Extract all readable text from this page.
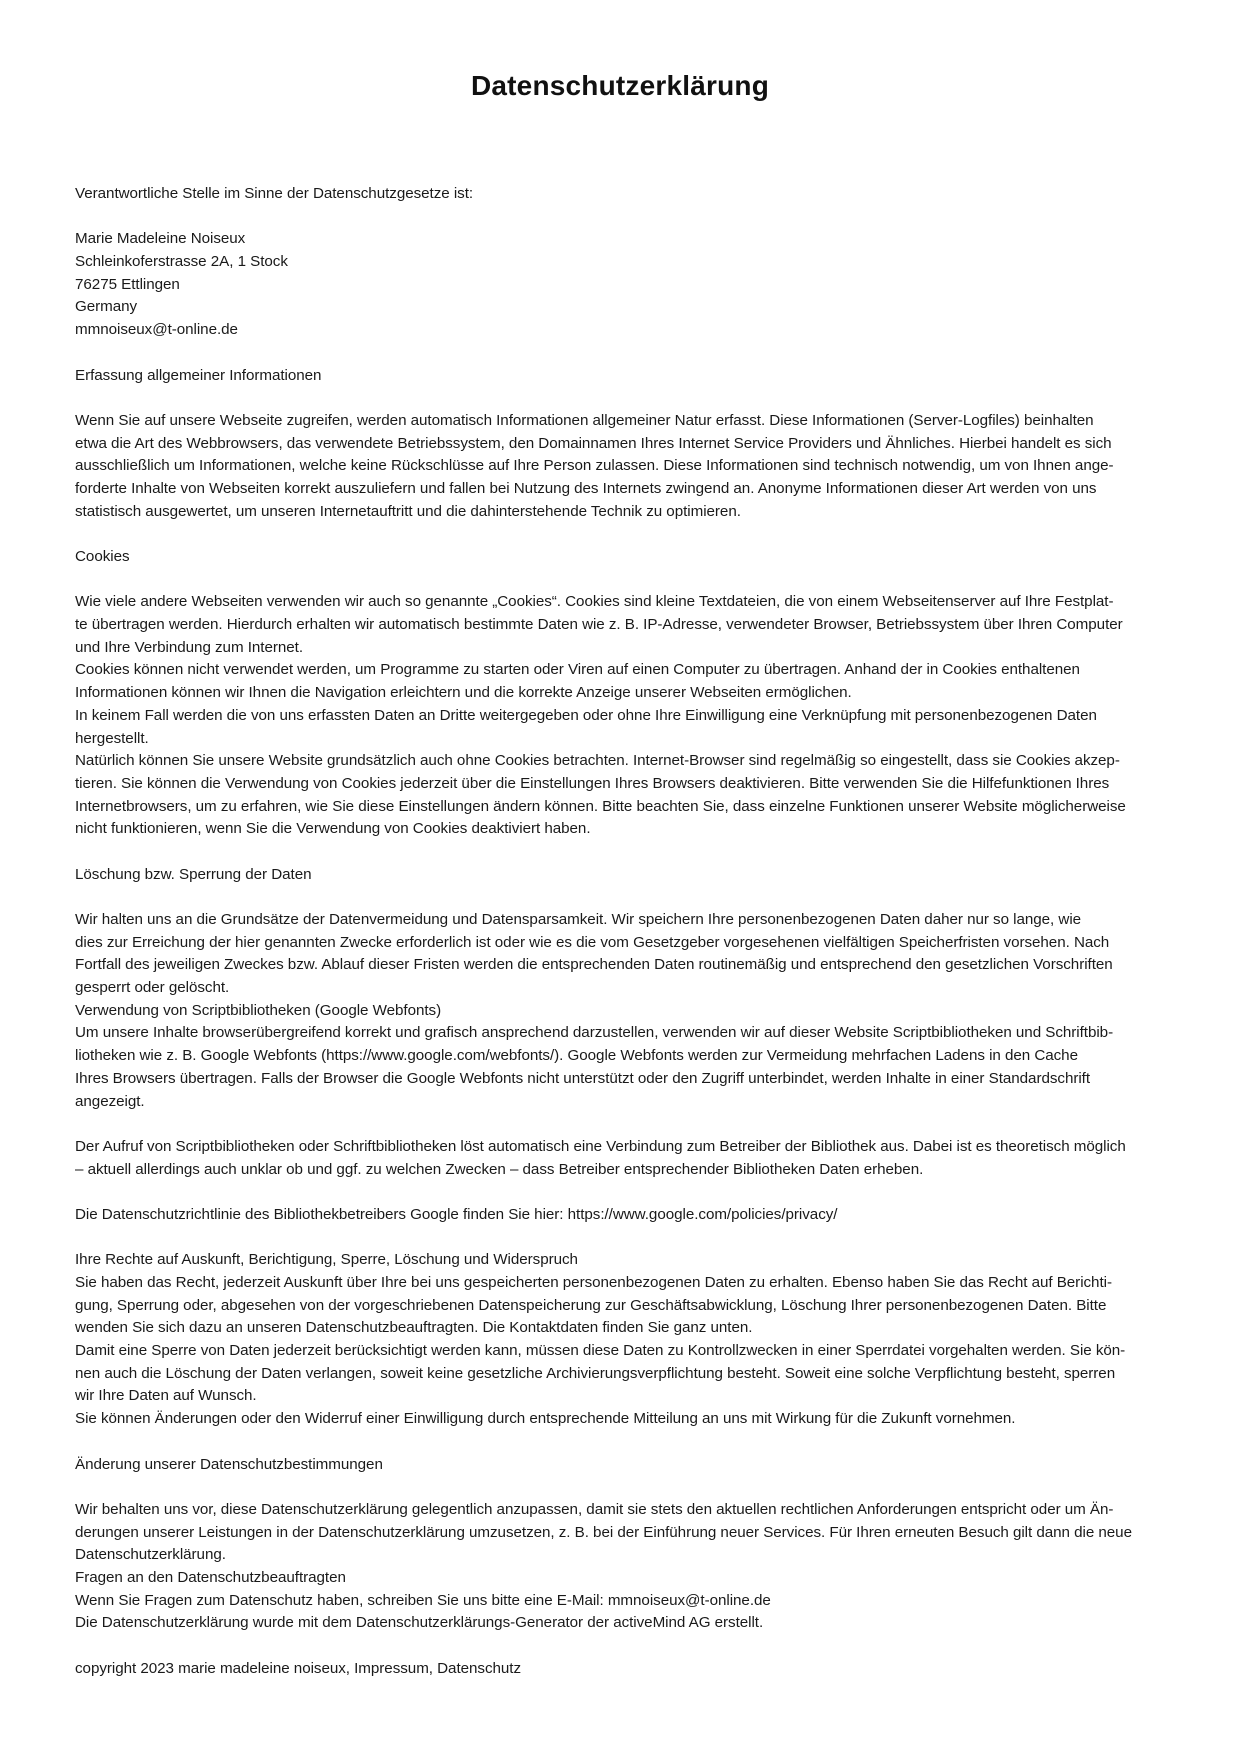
Datenschutzerklärung
Verantwortliche Stelle im Sinne der Datenschutzgesetze ist:
Marie Madeleine Noiseux
Schleinkoferstrasse 2A, 1 Stock
76275 Ettlingen
Germany
mmnoiseux@t-online.de
Erfassung allgemeiner Informationen
Wenn Sie auf unsere Webseite zugreifen, werden automatisch Informationen allgemeiner Natur erfasst. Diese Informationen (Server-Logfiles) beinhalten
etwa die Art des Webbrowsers, das verwendete Betriebssystem, den Domainnamen Ihres Internet Service Providers und Ähnliches. Hierbei handelt es sich
ausschließlich um Informationen, welche keine Rückschlüsse auf Ihre Person zulassen. Diese Informationen sind technisch notwendig, um von Ihnen ange-
forderte Inhalte von Webseiten korrekt auszuliefern und fallen bei Nutzung des Internets zwingend an. Anonyme Informationen dieser Art werden von uns
statistisch ausgewertet, um unseren Internetauftritt und die dahinterstehende Technik zu optimieren.
Cookies
Wie viele andere Webseiten verwenden wir auch so genannte „Cookies“. Cookies sind kleine Textdateien, die von einem Webseitenserver auf Ihre Festplat-
te übertragen werden. Hierdurch erhalten wir automatisch bestimmte Daten wie z. B. IP-Adresse, verwendeter Browser, Betriebssystem über Ihren Computer
und Ihre Verbindung zum Internet.
Cookies können nicht verwendet werden, um Programme zu starten oder Viren auf einen Computer zu übertragen. Anhand der in Cookies enthaltenen
Informationen können wir Ihnen die Navigation erleichtern und die korrekte Anzeige unserer Webseiten ermöglichen.
In keinem Fall werden die von uns erfassten Daten an Dritte weitergegeben oder ohne Ihre Einwilligung eine Verknüpfung mit personenbezogenen Daten
hergestellt.
Natürlich können Sie unsere Website grundsätzlich auch ohne Cookies betrachten. Internet-Browser sind regelmäßig so eingestellt, dass sie Cookies akzep-
tieren. Sie können die Verwendung von Cookies jederzeit über die Einstellungen Ihres Browsers deaktivieren. Bitte verwenden Sie die Hilfefunktionen Ihres
Internetbrowsers, um zu erfahren, wie Sie diese Einstellungen ändern können. Bitte beachten Sie, dass einzelne Funktionen unserer Website möglicherweise
nicht funktionieren, wenn Sie die Verwendung von Cookies deaktiviert haben.
Löschung bzw. Sperrung der Daten
Wir halten uns an die Grundsätze der Datenvermeidung und Datensparsamkeit. Wir speichern Ihre personenbezogenen Daten daher nur so lange, wie
dies zur Erreichung der hier genannten Zwecke erforderlich ist oder wie es die vom Gesetzgeber vorgesehenen vielfältigen Speicherfristen vorsehen. Nach
Fortfall des jeweiligen Zweckes bzw. Ablauf dieser Fristen werden die entsprechenden Daten routinemäßig und entsprechend den gesetzlichen Vorschriften
gesperrt oder gelöscht.
Verwendung von Scriptbibliotheken (Google Webfonts)
Um unsere Inhalte browserübergreifend korrekt und grafisch ansprechend darzustellen, verwenden wir auf dieser Website Scriptbibliotheken und Schriftbib-
liotheken wie z. B. Google Webfonts (https://www.google.com/webfonts/). Google Webfonts werden zur Vermeidung mehrfachen Ladens in den Cache
Ihres Browsers übertragen. Falls der Browser die Google Webfonts nicht unterstützt oder den Zugriff unterbindet, werden Inhalte in einer Standardschrift
angezeigt.
Der Aufruf von Scriptbibliotheken oder Schriftbibliotheken löst automatisch eine Verbindung zum Betreiber der Bibliothek aus. Dabei ist es theoretisch möglich
– aktuell allerdings auch unklar ob und ggf. zu welchen Zwecken – dass Betreiber entsprechender Bibliotheken Daten erheben.
Die Datenschutzrichtlinie des Bibliothekbetreibers Google finden Sie hier: https://www.google.com/policies/privacy/
Ihre Rechte auf Auskunft, Berichtigung, Sperre, Löschung und Widerspruch
Sie haben das Recht, jederzeit Auskunft über Ihre bei uns gespeicherten personenbezogenen Daten zu erhalten. Ebenso haben Sie das Recht auf Berichti-
gung, Sperrung oder, abgesehen von der vorgeschriebenen Datenspeicherung zur Geschäftsabwicklung, Löschung Ihrer personenbezogenen Daten. Bitte
wenden Sie sich dazu an unseren Datenschutzbeauftragten. Die Kontaktdaten finden Sie ganz unten.
Damit eine Sperre von Daten jederzeit berücksichtigt werden kann, müssen diese Daten zu Kontrollzwecken in einer Sperrdatei vorgehalten werden. Sie kön-
nen auch die Löschung der Daten verlangen, soweit keine gesetzliche Archivierungsverpflichtung besteht. Soweit eine solche Verpflichtung besteht, sperren
wir Ihre Daten auf Wunsch.
Sie können Änderungen oder den Widerruf einer Einwilligung durch entsprechende Mitteilung an uns mit Wirkung für die Zukunft vornehmen.
Änderung unserer Datenschutzbestimmungen
Wir behalten uns vor, diese Datenschutzerklärung gelegentlich anzupassen, damit sie stets den aktuellen rechtlichen Anforderungen entspricht oder um Än-
derungen unserer Leistungen in der Datenschutzerklärung umzusetzen, z. B. bei der Einführung neuer Services. Für Ihren erneuten Besuch gilt dann die neue
Datenschutzerklärung.
Fragen an den Datenschutzbeauftragten
Wenn Sie Fragen zum Datenschutz haben, schreiben Sie uns bitte eine E-Mail: mmnoiseux@t-online.de
Die Datenschutzerklärung wurde mit dem Datenschutzerklärungs-Generator der activeMind AG erstellt.
copyright 2023 marie madeleine noiseux, Impressum, Datenschutz
